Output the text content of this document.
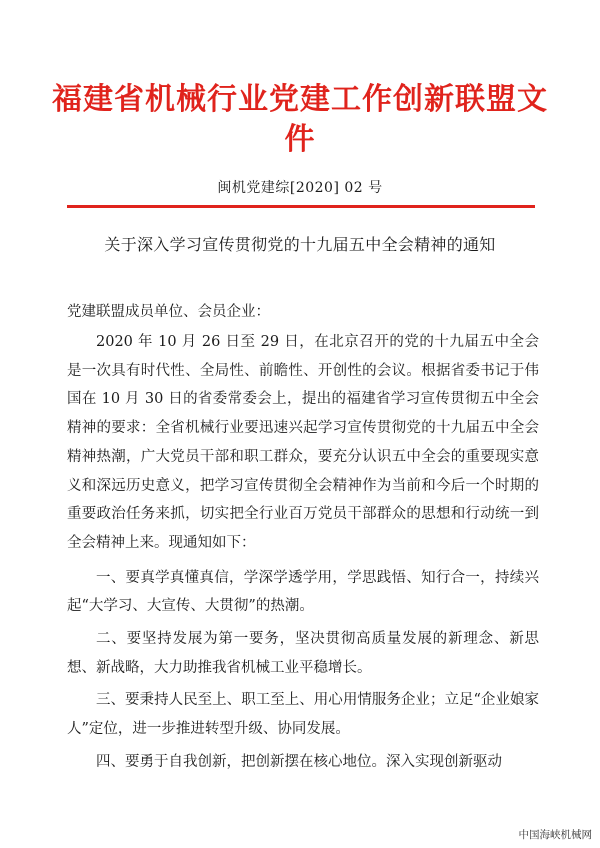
福建省机械行业党建工作创新联盟文件
闽机党建综[2020] 02 号
关于深入学习宣传贯彻党的十九届五中全会精神的通知
党建联盟成员单位、会员企业：

2020 年 10 月 26 日至 29 日，在北京召开的党的十九届五中全会是一次具有时代性、全局性、前瞻性、开创性的会议。根据省委书记于伟国在 10 月 30 日的省委常委会上，提出的福建省学习宣传贯彻五中全会精神的要求：全省机械行业要迅速兴起学习宣传贯彻党的十九届五中全会精神热潮，广大党员干部和职工群众，要充分认识五中全会的重要现实意义和深远历史意义，把学习宣传贯彻全会精神作为当前和今后一个时期的重要政治任务来抓，切实把全行业百万党员干部群众的思想和行动统一到全会精神上来。现通知如下：

一、要真学真懂真信，学深学透学用，学思践悟、知行合一，持续兴起“大学习、大宣传、大贯彻”的热潮。

二、要坚持发展为第一要务，坚决贯彻高质量发展的新理念、新思想、新战略，大力助推我省机械工业平稳增长。

三、要秉持人民至上、职工至上、用心用情服务企业；立足“企业娘家人”定位，进一步推进转型升级、协同发展。

四、要勇于自我创新，把创新摆在核心地位。深入实现创新驱动

中国海峡机械网
